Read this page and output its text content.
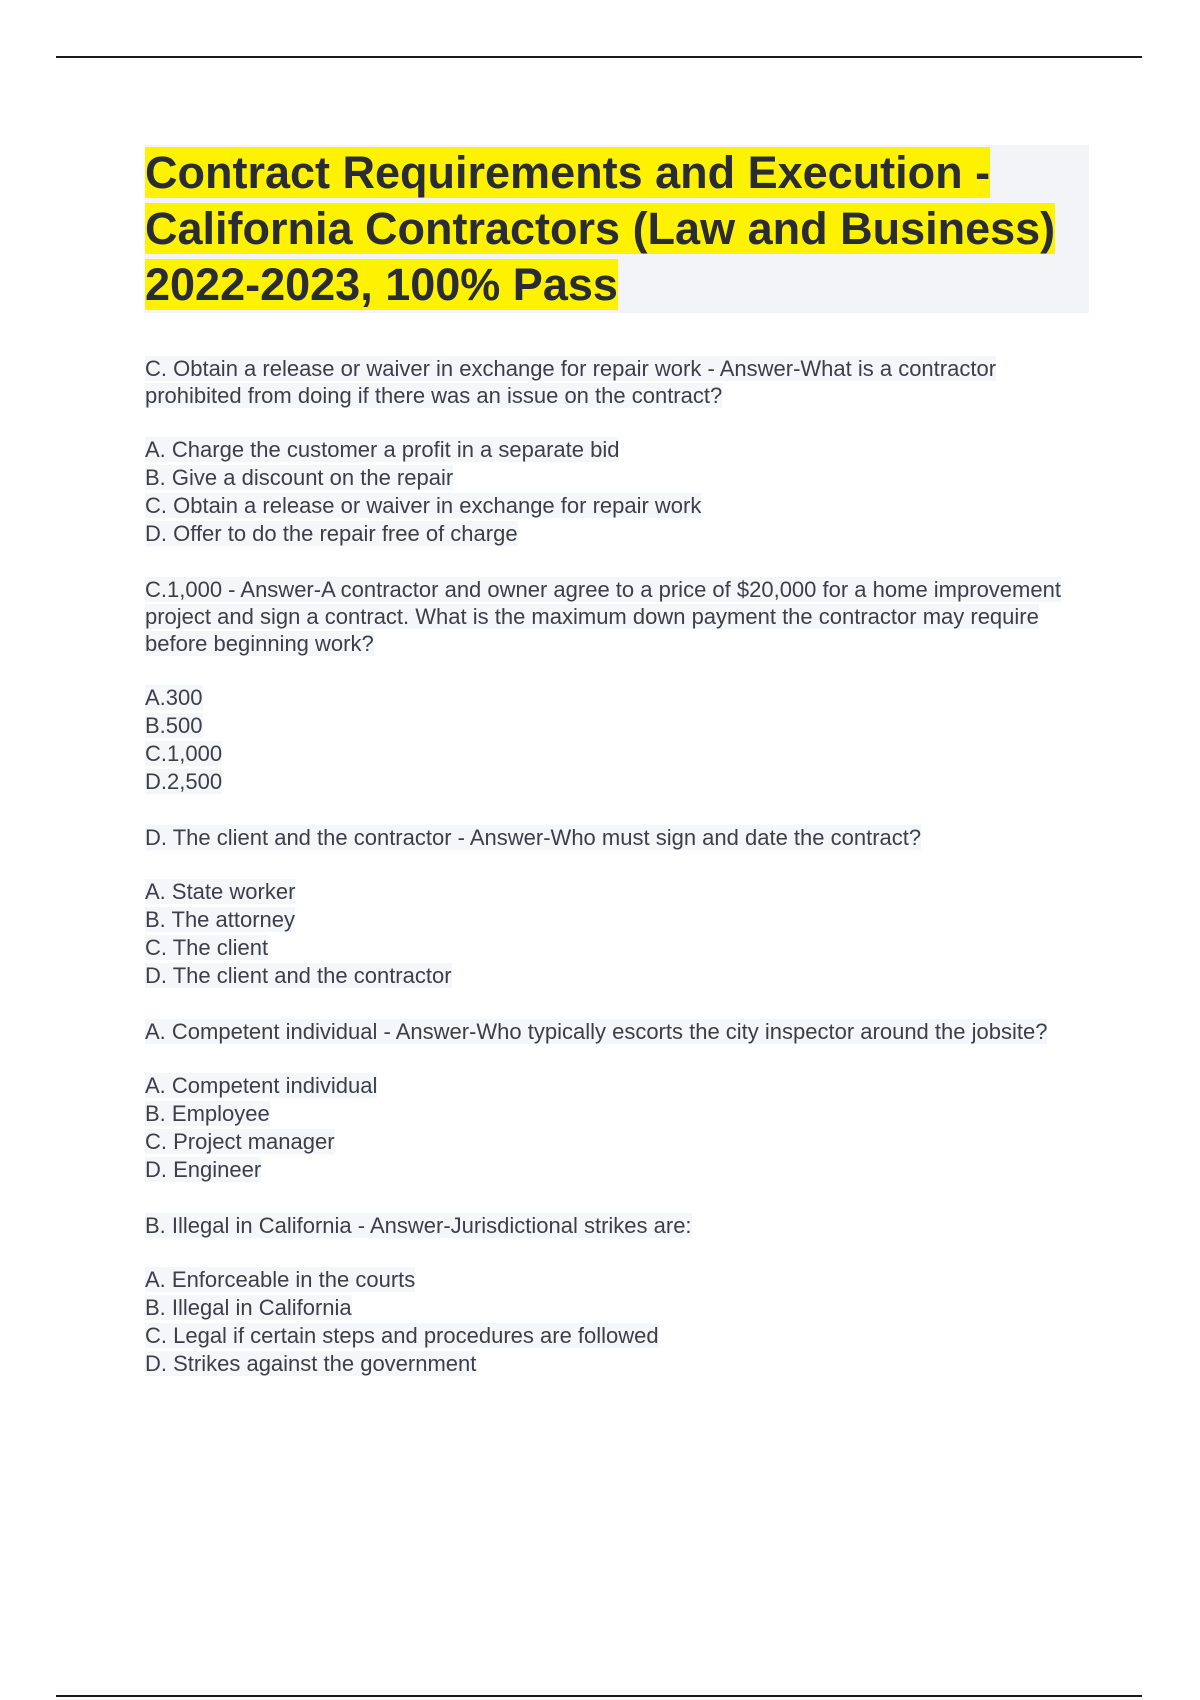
Contract Requirements and Execution - California Contractors (Law and Business) 2022-2023, 100% Pass

C. Obtain a release or waiver in exchange for repair work - Answer-What is a contractor prohibited from doing if there was an issue on the contract?

A. Charge the customer a profit in a separate bid
B. Give a discount on the repair
C. Obtain a release or waiver in exchange for repair work
D. Offer to do the repair free of charge

C.1,000 - Answer-A contractor and owner agree to a price of $20,000 for a home improvement project and sign a contract. What is the maximum down payment the contractor may require before beginning work?

A.300
B.500
C.1,000
D.2,500

D. The client and the contractor - Answer-Who must sign and date the contract?

A. State worker
B. The attorney
C. The client
D. The client and the contractor

A. Competent individual - Answer-Who typically escorts the city inspector around the jobsite?

A. Competent individual
B. Employee
C. Project manager
D. Engineer

B. Illegal in California - Answer-Jurisdictional strikes are:

A. Enforceable in the courts
B. Illegal in California
C. Legal if certain steps and procedures are followed
D. Strikes against the government
